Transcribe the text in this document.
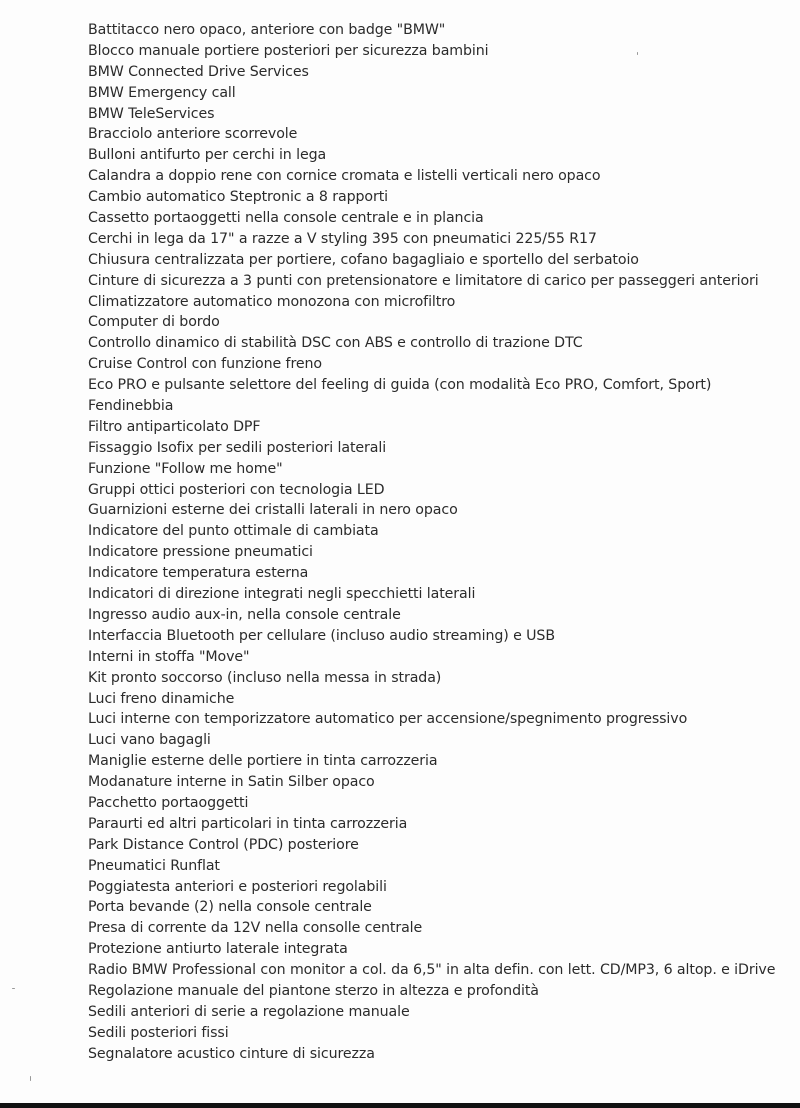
Battitacco nero opaco, anteriore con badge "BMW"
Blocco manuale portiere posteriori per sicurezza bambini
BMW Connected Drive Services
BMW Emergency call
BMW TeleServices
Bracciolo anteriore scorrevole
Bulloni antifurto per cerchi in lega
Calandra a doppio rene con cornice cromata e listelli verticali nero opaco
Cambio automatico Steptronic a 8 rapporti
Cassetto portaoggetti nella console centrale e in plancia
Cerchi in lega da 17" a razze a V styling 395 con pneumatici 225/55 R17
Chiusura centralizzata per portiere, cofano bagagliaio e sportello del serbatoio
Cinture di sicurezza a 3 punti con pretensionatore e limitatore di carico per passeggeri anteriori
Climatizzatore automatico monozona con microfiltro
Computer di bordo
Controllo dinamico di stabilità DSC con ABS e controllo di trazione DTC
Cruise Control con funzione freno
Eco PRO e pulsante selettore del feeling di guida (con modalità Eco PRO, Comfort, Sport)
Fendinebbia
Filtro antiparticolato DPF
Fissaggio Isofix per sedili posteriori laterali
Funzione "Follow me home"
Gruppi ottici posteriori con tecnologia LED
Guarnizioni esterne dei cristalli laterali in nero opaco
Indicatore del punto ottimale di cambiata
Indicatore pressione pneumatici
Indicatore temperatura esterna
Indicatori di direzione integrati negli specchietti laterali
Ingresso audio aux-in, nella console centrale
Interfaccia Bluetooth per cellulare (incluso audio streaming) e USB
Interni in stoffa "Move"
Kit pronto soccorso (incluso nella messa in strada)
Luci freno dinamiche
Luci interne con temporizzatore automatico per accensione/spegnimento progressivo
Luci vano bagagli
Maniglie esterne delle portiere in tinta carrozzeria
Modanature interne in Satin Silber opaco
Pacchetto portaoggetti
Paraurti ed altri particolari in tinta carrozzeria
Park Distance Control (PDC) posteriore
Pneumatici Runflat
Poggiatesta anteriori e posteriori regolabili
Porta bevande (2) nella console centrale
Presa di corrente da 12V nella consolle centrale
Protezione antiurto laterale integrata
Radio BMW Professional con monitor a col. da 6,5" in alta defin. con lett. CD/MP3, 6 altop. e iDrive
Regolazione manuale del piantone sterzo in altezza e profondità
Sedili anteriori di serie a regolazione manuale
Sedili posteriori fissi
Segnalatore acustico cinture di sicurezza
